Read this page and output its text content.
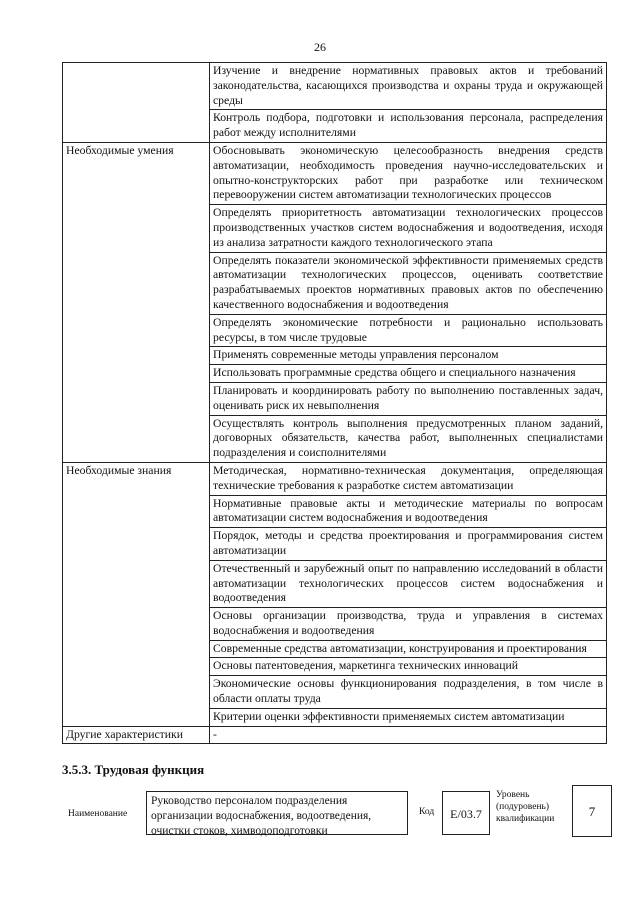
26
	Изучение и внедрение нормативных правовых актов и требований законодательства, касающихся производства и охраны труда и окружающей среды
	Контроль подбора, подготовки и использования персонала, распределения работ между исполнителями
Необходимые умения	Обосновывать экономическую целесообразность внедрения средств автоматизации, необходимость проведения научно-исследовательских и опытно-конструкторских работ при разработке или техническом перевооружении систем автоматизации технологических процессов
	Определять приоритетность автоматизации технологических процессов производственных участков систем водоснабжения и водоотведения, исходя из анализа затратности каждого технологического этапа
	Определять показатели экономической эффективности применяемых средств автоматизации технологических процессов, оценивать соответствие разрабатываемых проектов нормативных правовых актов по обеспечению качественного водоснабжения и водоотведения
	Определять экономические потребности и рационально использовать ресурсы, в том числе трудовые
	Применять современные методы управления персоналом
	Использовать программные средства общего и специального назначения
	Планировать и координировать работу по выполнению поставленных задач, оценивать риск их невыполнения
	Осуществлять контроль выполнения предусмотренных планом заданий, договорных обязательств, качества работ, выполненных специалистами подразделения и соисполнителями
Необходимые знания	Методическая, нормативно-техническая документация, определяющая технические требования к разработке систем автоматизации
	Нормативные правовые акты и методические материалы по вопросам автоматизации систем водоснабжения и водоотведения
	Порядок, методы и средства проектирования и программирования систем автоматизации
	Отечественный и зарубежный опыт по направлению исследований в области автоматизации технологических процессов систем водоснабжения и водоотведения
	Основы организации производства, труда и управления в системах водоснабжения и водоотведения
	Современные средства автоматизации, конструирования и проектирования
	Основы патентоведения, маркетинга технических инноваций
	Экономические основы функционирования подразделения, в том числе в области оплаты труда
	Критерии оценки эффективности применяемых систем автоматизации
Другие характеристики	-
3.5.3. Трудовая функция
Наименование
Руководство персоналом подразделения организации водоснабжения, водоотведения, очистки стоков, химводоподготовки
Код	E/03.7
Уровень (подуровень) квалификации	7
